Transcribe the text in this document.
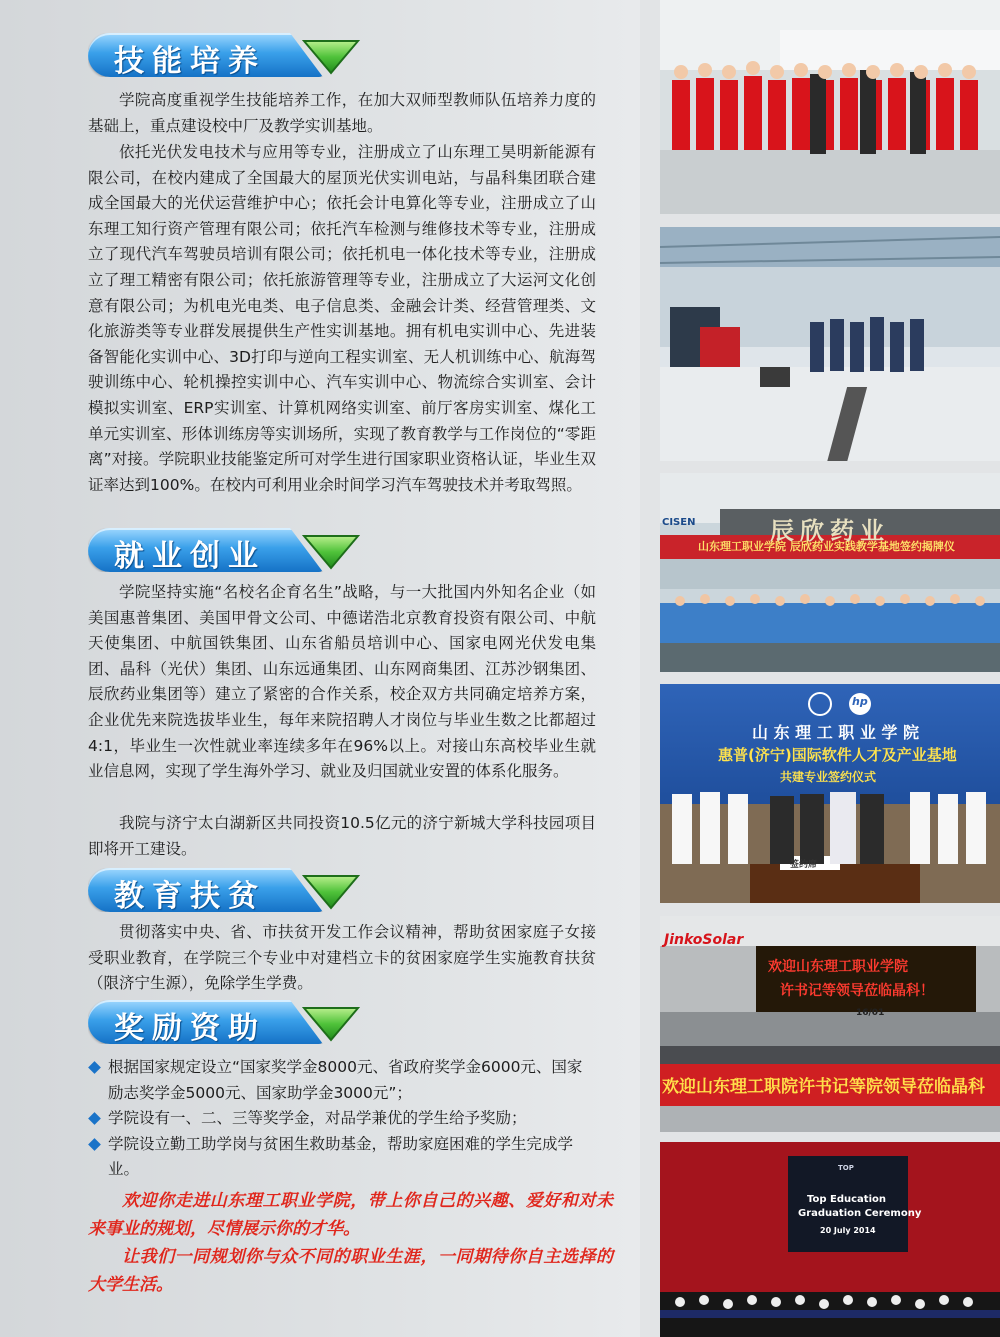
技能培养

学院高度重视学生技能培养工作，在加大双师型教师队伍培养力度的基础上，重点建设校中厂及教学实训基地。

依托光伏发电技术与应用等专业，注册成立了山东理工昊明新能源有限公司，在校内建成了全国最大的屋顶光伏实训电站，与晶科集团联合建成全国最大的光伏运营维护中心；依托会计电算化等专业，注册成立了山东理工知行资产管理有限公司；依托汽车检测与维修技术等专业，注册成立了现代汽车驾驶员培训有限公司；依托机电一体化技术等专业，注册成立了理工精密有限公司；依托旅游管理等专业，注册成立了大运河文化创意有限公司；为机电光电类、电子信息类、金融会计类、经营管理类、文化旅游类等专业群发展提供生产性实训基地。拥有机电实训中心、先进装备智能化实训中心、3D打印与逆向工程实训室、无人机训练中心、航海驾驶训练中心、轮机操控实训中心、汽车实训中心、物流综合实训室、会计模拟实训室、ERP实训室、计算机网络实训室、前厅客房实训室、煤化工单元实训室、形体训练房等实训场所，实现了教育教学与工作岗位的“零距离”对接。学院职业技能鉴定所可对学生进行国家职业资格认证，毕业生双证率达到100%。在校内可利用业余时间学习汽车驾驶技术并考取驾照。

就业创业

学院坚持实施“名校名企育名生”战略，与一大批国内外知名企业（如美国惠普集团、美国甲骨文公司、中德诺浩北京教育投资有限公司、中航天使集团、中航国铁集团、山东省船员培训中心、国家电网光伏发电集团、晶科（光伏）集团、山东远通集团、山东网商集团、江苏沙钢集团、辰欣药业集团等）建立了紧密的合作关系，校企双方共同确定培养方案，企业优先来院选拔毕业生，每年来院招聘人才岗位与毕业生数之比都超过4:1，毕业生一次性就业率连续多年在96%以上。对接山东高校毕业生就业信息网，实现了学生海外学习、就业及归国就业安置的体系化服务。

我院与济宁太白湖新区共同投资10.5亿元的济宁新城大学科技园项目即将开工建设。

教育扶贫

贯彻落实中央、省、市扶贫开发工作会议精神，帮助贫困家庭子女接受职业教育，在学院三个专业中对建档立卡的贫困家庭学生实施教育扶贫（限济宁生源），免除学生学费。

奖励资助
根据国家规定设立“国家奖学金8000元、省政府奖学金6000元、国家励志奖学金5000元、国家助学金3000元”；
学院设有一、二、三等奖学金，对品学兼优的学生给予奖励；
学院设立勤工助学岗与贫困生救助基金，帮助家庭困难的学生完成学业。

欢迎你走进山东理工职业学院，带上你自己的兴趣、爱好和对未来事业的规划，尽情展示你的才华。

让我们一同规划你与众不同的职业生涯，一同期待你自主选择的大学生活。

CISEN	辰欣药业
山东理工职业学院 辰欣药业实践教学基地签约揭牌仪
hp
山 东 理 工 职 业 学 院
惠普(济宁)国际软件人才及产业基地
共建专业签约仪式
签约席
JinkoSolar
欢迎山东理工职业学院
许书记等领导莅临晶科！
16/01
欢迎山东理工职院许书记等院领导莅临晶科
TOP
Top Education
Graduation Ceremony
20 July 2014
